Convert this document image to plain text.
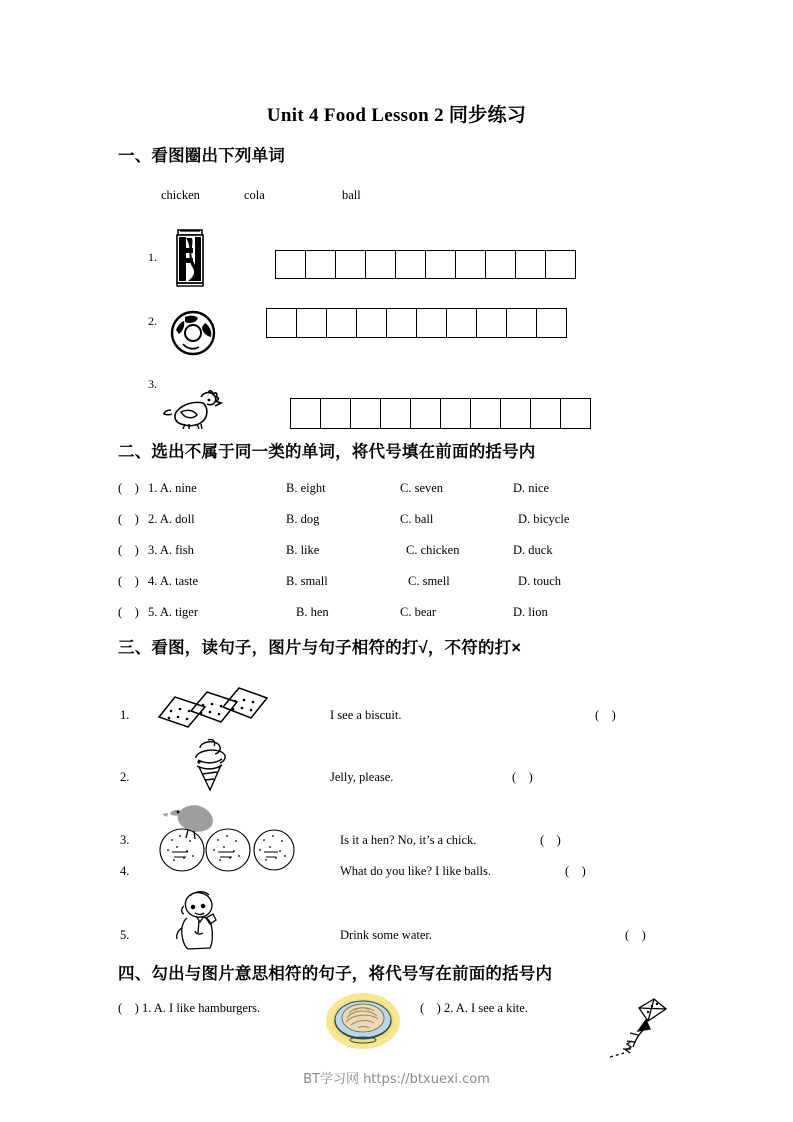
Unit 4 Food Lesson 2 同步练习
一、看图圈出下列单词
chicken	cola	ball
1.
2.
3.
二、选出不属于同一类的单词，将代号填在前面的括号内
(    ) 1. A. nine	B. eight	C. seven	D. nice
(    ) 2. A. doll	B. dog	C. ball	D. bicycle
(    ) 3. A. fish	B. like	C. chicken	D. duck
(    ) 4. A. taste	B. small	C. smell	D. touch
(    ) 5. A. tiger	B. hen	C. bear	D. lion
三、看图，读句子，图片与句子相符的打√，不符的打×
1.	I see a biscuit.	(    )
2.	Jelly, please.	(    )
3.	Is it a hen? No, it’s a chick.	(    )
4.	What do you like? I like balls.	(    )
5.	Drink some water.	(    )
四、勾出与图片意思相符的句子，将代号写在前面的括号内
(    ) 1. A. I like hamburgers.	(    ) 2. A. I see a kite.
BT学习网 https://btxuexi.com
